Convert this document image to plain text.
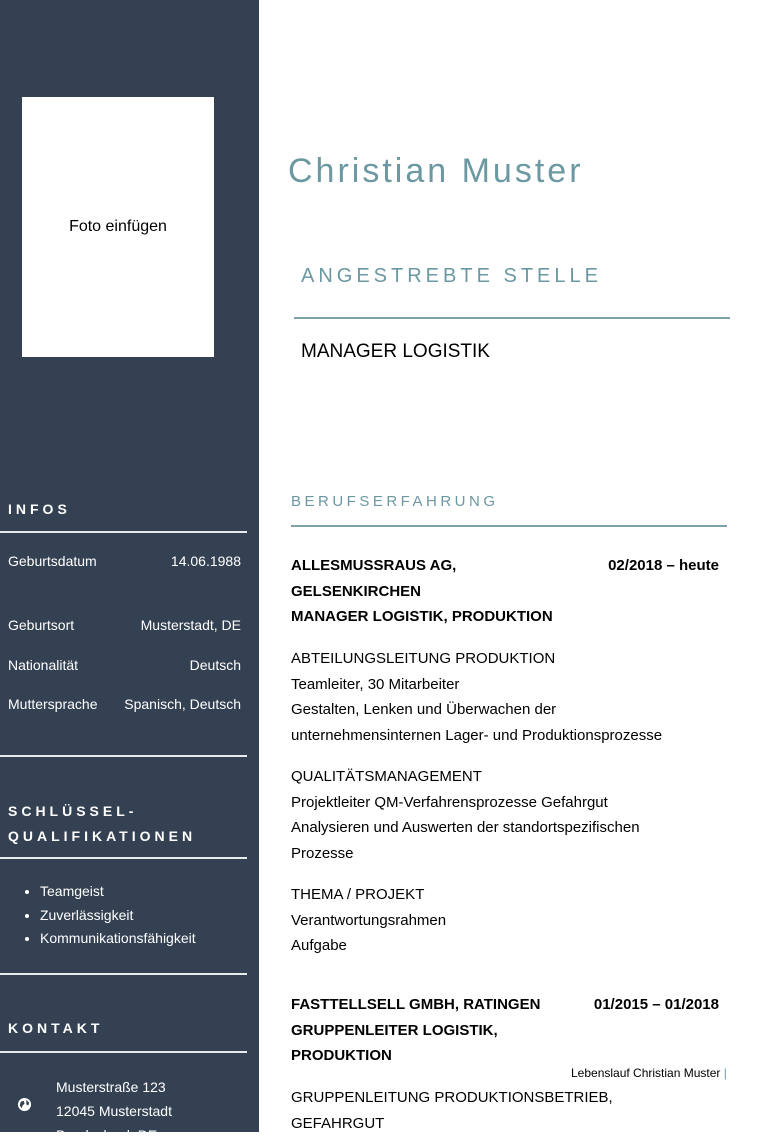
Foto einfügen
INFOS
Geburtsdatum	14.06.1988
Geburtsort	Musterstadt, DE
Nationalität	Deutsch
Muttersprache Spanisch, Deutsch
SCHLÜSSEL-
QUALIFIKATIONEN
• Teamgeist
• Zuverlässigkeit
• Kommunikationsfähigkeit
KONTAKT
Musterstraße 123
12045 Musterstadt
Bundesland, DE
Christian Muster
ANGESTREBTE STELLE
MANAGER LOGISTIK
BERUFSERFAHRUNG
ALLESMUSSRAUS AG,
GELSENKIRCHEN
MANAGER LOGISTIK, PRODUKTION
02/2018 – heute
ABTEILUNGSLEITUNG PRODUKTION
Teamleiter, 30 Mitarbeiter
Gestalten, Lenken und Überwachen der
unternehmensinternen Lager- und Produktionsprozesse
QUALITÄTSMANAGEMENT
Projektleiter QM-Verfahrensprozesse Gefahrgut
Analysieren und Auswerten der standortspezifischen
Prozesse
THEMA / PROJEKT
Verantwortungsrahmen
Aufgabe
FASTTELLSELL GMBH, RATINGEN
GRUPPENLEITER LOGISTIK,
PRODUKTION
01/2015 – 01/2018
Lebenslauf Christian Muster |
GRUPPENLEITUNG PRODUKTIONSBETRIEB,
GEFAHRGUT
